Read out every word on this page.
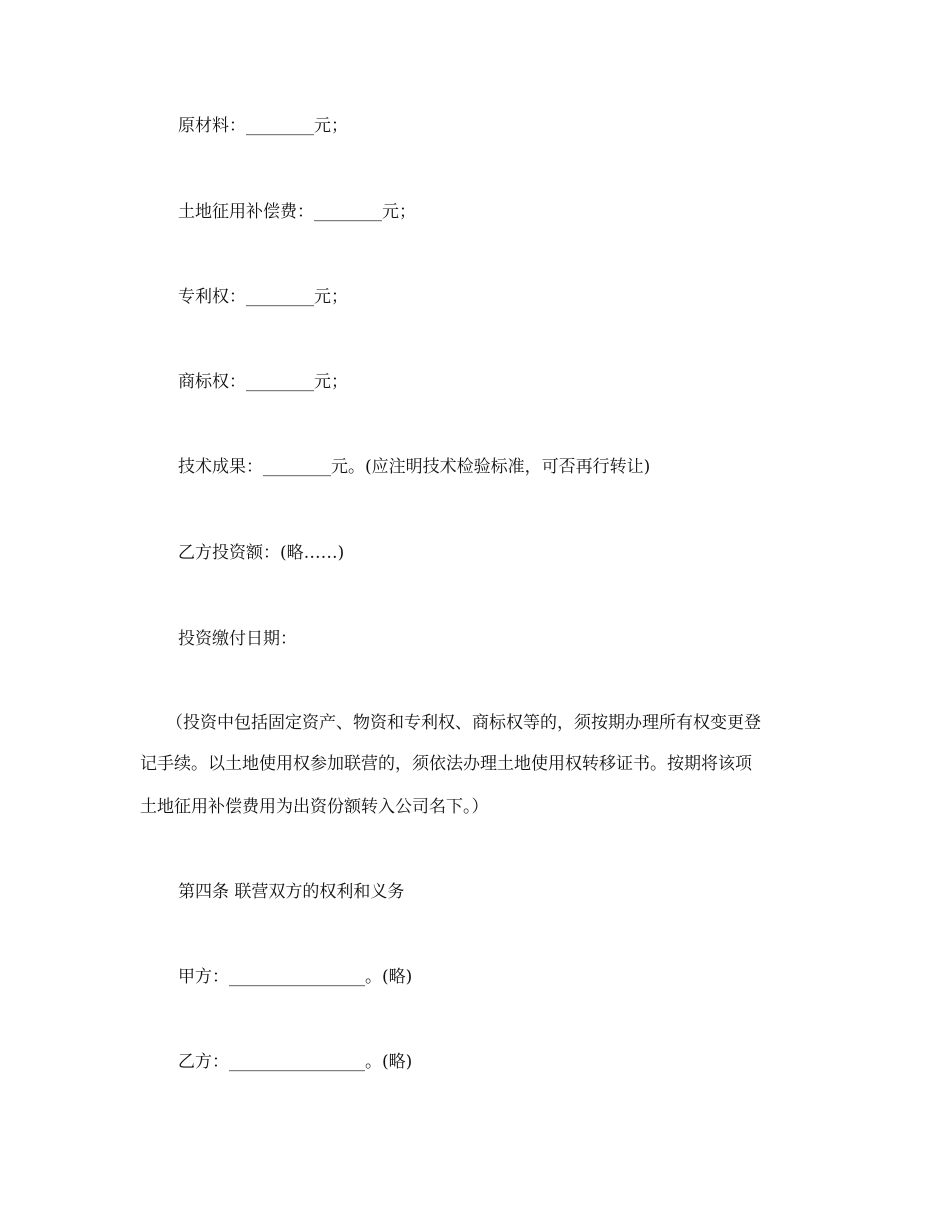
原材料：________元；
土地征用补偿费：________元；
专利权：________元；
商标权：________元；
技术成果：________元。(应注明技术检验标准，可否再行转让)
乙方投资额：(略……)
投资缴付日期：
（投资中包括固定资产、物资和专利权、商标权等的，须按期办理所有权变更登
记手续。以土地使用权参加联营的，须依法办理土地使用权转移证书。按期将该项
土地征用补偿费用为出资份额转入公司名下。）
第四条 联营双方的权利和义务
甲方：________________。(略)
乙方：________________。(略)
